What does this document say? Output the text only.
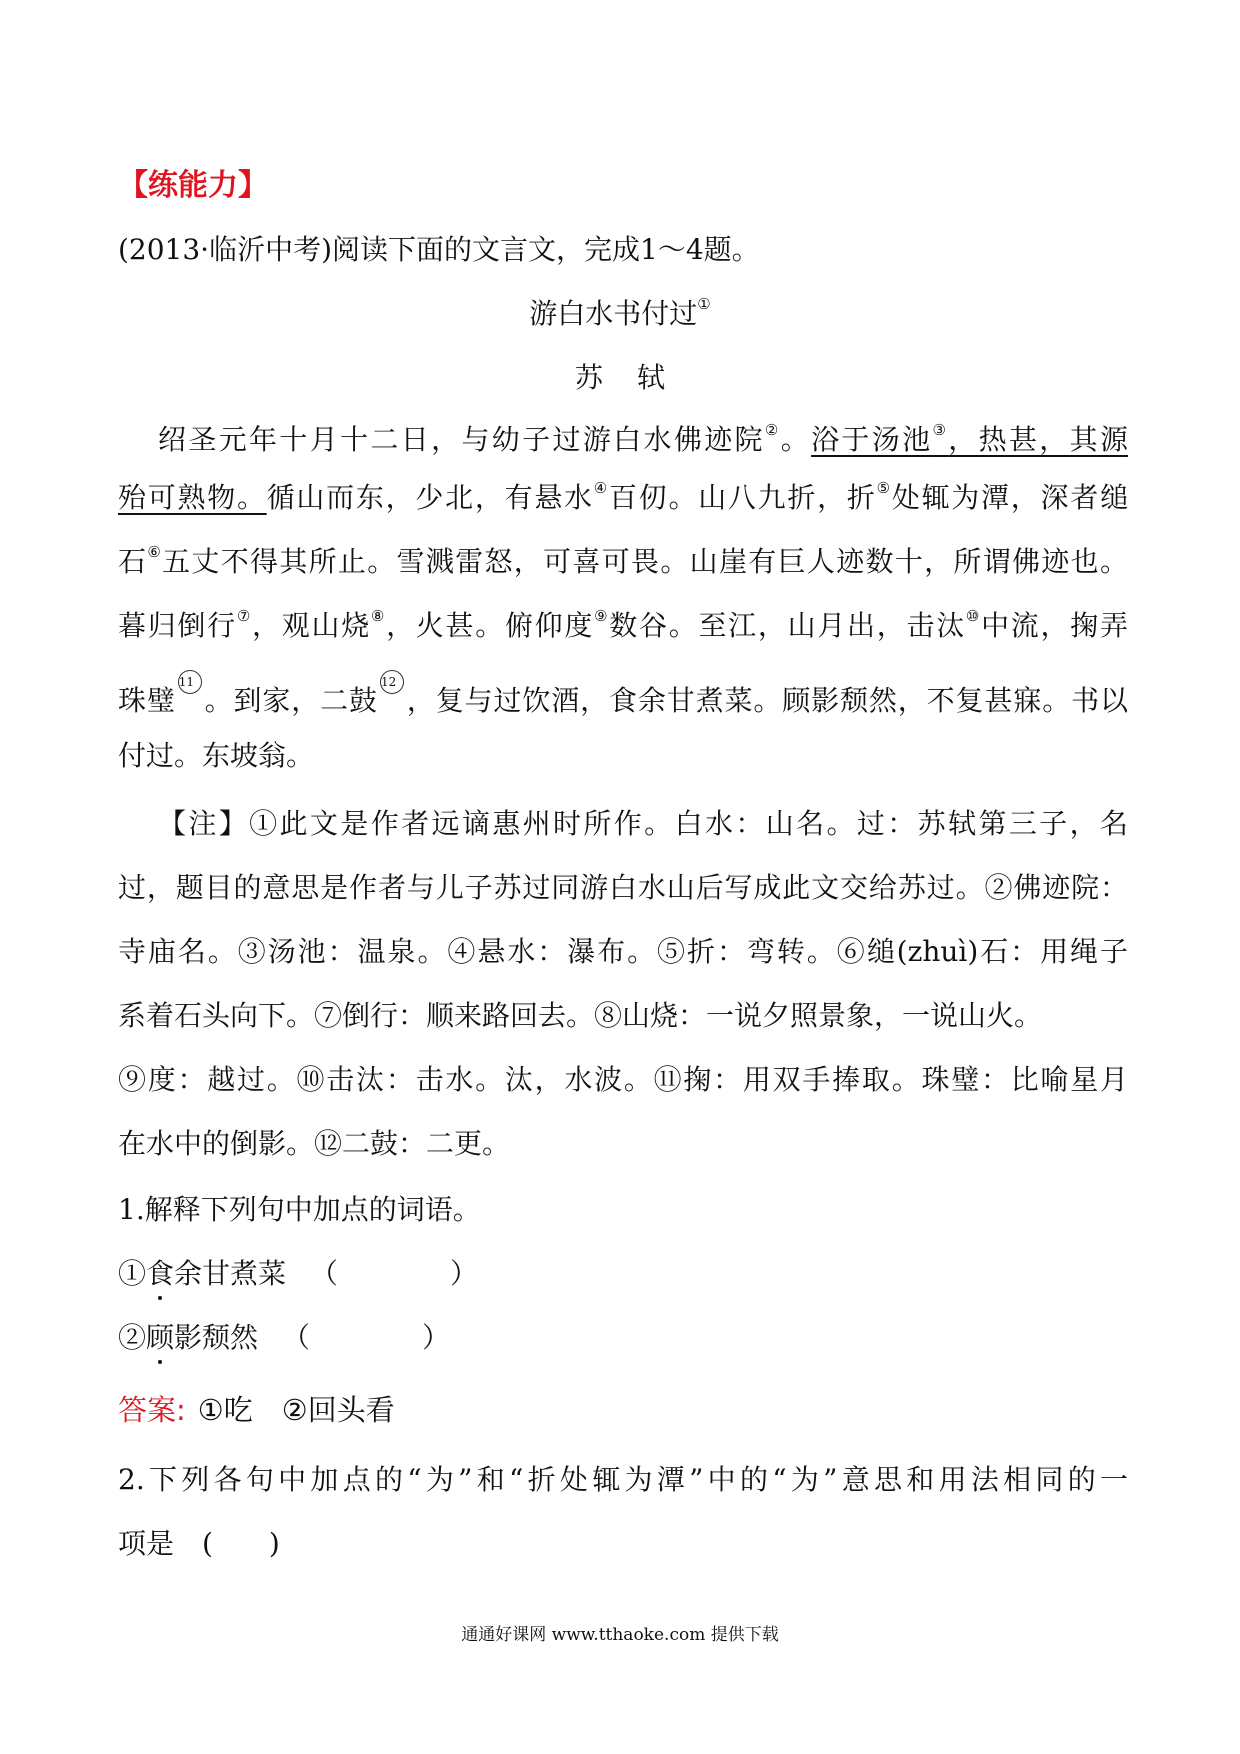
【练能力】
(2013·临沂中考)阅读下面的文言文，完成1～4题。
游白水书付过①
苏轼
绍圣元年十月十二日，与幼子过游白水佛迹院②。浴于汤池③，热甚，其源
殆可熟物。循山而东，少北，有悬水④百仞。山八九折，折⑤处辄为潭，深者缒
石⑥五丈不得其所止。雪溅雷怒，可喜可畏。山崖有巨人迹数十，所谓佛迹也。
暮归倒行⑦，观山烧⑧，火甚。俯仰度⑨数谷。至江，山月出，击汰⑩中流，掬弄
珠璧11。到家，二鼓12，复与过饮酒，食余甘煮菜。顾影颓然，不复甚寐。书以
付过。东坡翁。
【注】①此文是作者远谪惠州时所作。白水：山名。过：苏轼第三子，名
过，题目的意思是作者与儿子苏过同游白水山后写成此文交给苏过。②佛迹院：
寺庙名。③汤池：温泉。④悬水：瀑布。⑤折：弯转。⑥缒(zhuì)石：用绳子
系着石头向下。⑦倒行：顺来路回去。⑧山烧：一说夕照景象，一说山火。
⑨度：越过。⑩击汰：击水。汰，水波。⑪掬：用双手捧取。珠璧：比喻星月
在水中的倒影。⑫二鼓：二更。
1.解释下列句中加点的词语。
①食余甘煮菜 （　　　　）
②顾影颓然 （　　　　）
答案: ①吃　②回头看
2.下列各句中加点的“为”和“折处辄为潭”中的“为”意思和用法相同的一
项是　(　　)
通通好课网 www.tthaoke.com 提供下载
